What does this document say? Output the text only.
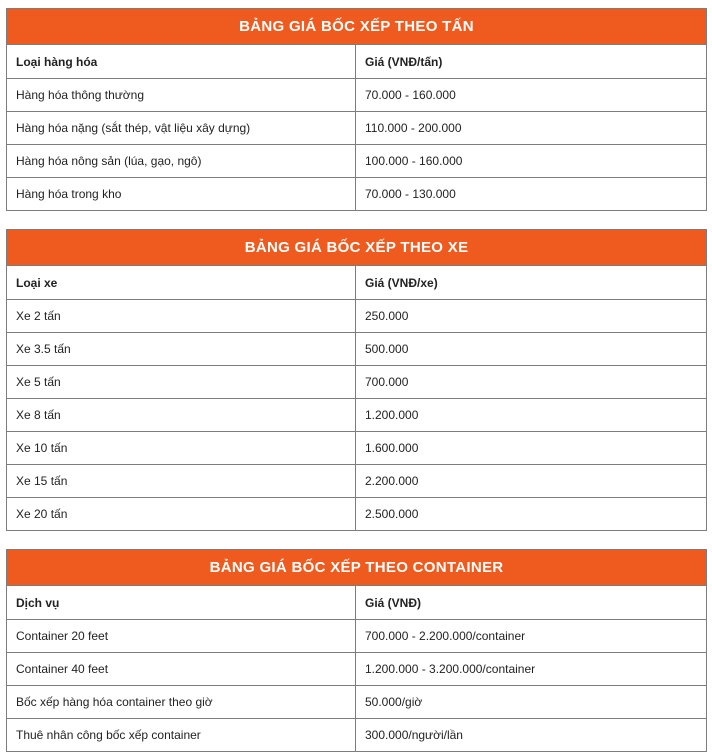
BẢNG GIÁ BỐC XẾP THEO TẤN	
Loại hàng hóa	Giá (VNĐ/tấn)
Hàng hóa thông thường	70.000 - 160.000
Hàng hóa nặng (sắt thép, vật liệu xây dựng)	110.000 - 200.000
Hàng hóa nông sản (lúa, gạo, ngô)	100.000 - 160.000
Hàng hóa trong kho	70.000 - 130.000
BẢNG GIÁ BỐC XẾP THEO XE	
Loại xe	Giá (VNĐ/xe)
Xe 2 tấn	250.000
Xe 3.5 tấn	500.000
Xe 5 tấn	700.000
Xe 8 tấn	1.200.000
Xe 10 tấn	1.600.000
Xe 15 tấn	2.200.000
Xe 20 tấn	2.500.000
BẢNG GIÁ BỐC XẾP THEO CONTAINER	
Dịch vụ	Giá (VNĐ)
Container 20 feet	700.000 - 2.200.000/container
Container 40 feet	1.200.000 - 3.200.000/container
Bốc xếp hàng hóa container theo giờ	50.000/giờ
Thuê nhân công bốc xếp container	300.000/người/lần
